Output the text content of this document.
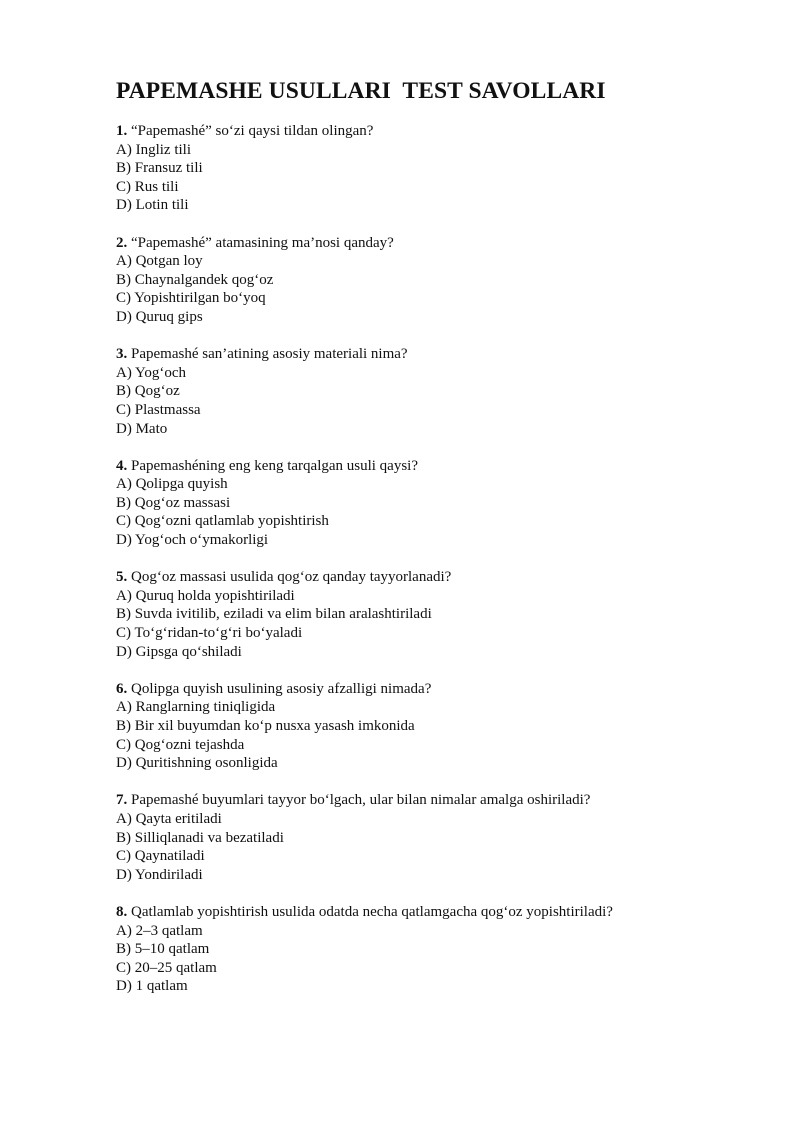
PAPEMASHE USULLARI  TEST SAVOLLARI
1. “Papemashé” so‘zi qaysi tildan olingan?
A) Ingliz tili
B) Fransuz tili
C) Rus tili
D) Lotin tili
2. “Papemashé” atamasining ma’nosi qanday?
A) Qotgan loy
B) Chaynalgandek qog‘oz
C) Yopishtirilgan bo‘yoq
D) Quruq gips
3. Papemashé san’atining asosiy materiali nima?
A) Yog‘och
B) Qog‘oz
C) Plastmassa
D) Mato
4. Papemashéning eng keng tarqalgan usuli qaysi?
A) Qolipga quyish
B) Qog‘oz massasi
C) Qog‘ozni qatlamlab yopishtirish
D) Yog‘och o‘ymakorligi
5. Qog‘oz massasi usulida qog‘oz qanday tayyorlanadi?
A) Quruq holda yopishtiriladi
B) Suvda ivitilib, eziladi va elim bilan aralashtiriladi
C) To‘g‘ridan-to‘g‘ri bo‘yaladi
D) Gipsga qo‘shiladi
6. Qolipga quyish usulining asosiy afzalligi nimada?
A) Ranglarning tiniqligida
B) Bir xil buyumdan ko‘p nusxa yasash imkonida
C) Qog‘ozni tejashda
D) Quritishning osonligida
7. Papemashé buyumlari tayyor bo‘lgach, ular bilan nimalar amalga oshiriladi?
A) Qayta eritiladi
B) Silliqlanadi va bezatiladi
C) Qaynatiladi
D) Yondiriladi
8. Qatlamlab yopishtirish usulida odatda necha qatlamgacha qog‘oz yopishtiriladi?
A) 2–3 qatlam
B) 5–10 qatlam
C) 20–25 qatlam
D) 1 qatlam
